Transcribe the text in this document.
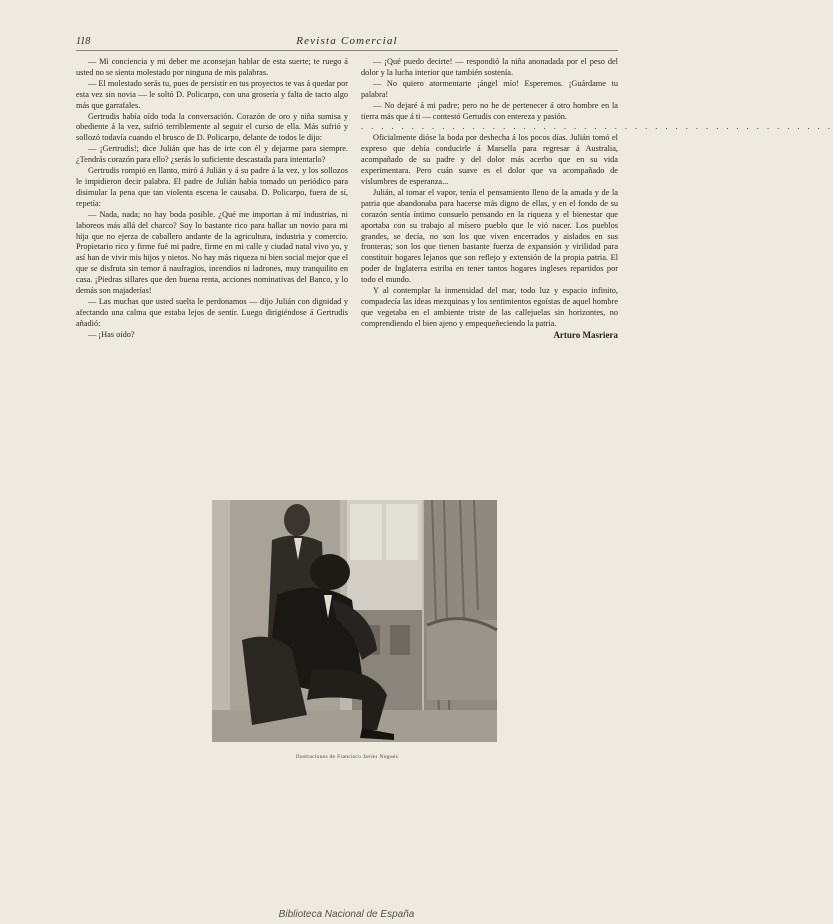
118	Revista Comercial

— Mi conciencia y mi deber me aconsejan hablar de esta suerte; te ruego á usted no se sienta molestado por ninguna de mis palabras.

— El molestado serás tu, pues de persistir en tus proyectos te vas á quedar por esta vez sin novia — le soltó D. Policarpo, con una grosería y falta de tacto algo más que garrafales.

Gertrudis había oído toda la conversación. Corazón de oro y niña sumisa y obediente á la vez, sufrió terriblemente al seguir el curso de ella. Más sufrió y sollozó todavía cuando el brusco de D. Policarpo, delante de todos le dijo:

— ¡Gertrudis!; dice Julián que has de irte con él y dejarme para siempre. ¿Tendrás corazón para ello? ¿serás lo suficiente descastada para intentarlo?

Gertrudis rompió en llanto, miró á Julián y á su padre á la vez, y los sollozos le impidieron decir palabra. El padre de Julián había tomado un periódico para disimular la pena que tan violenta escena le causaba. D. Policarpo, fuera de sí, repetía:

— Nada, nada; no hay boda posible. ¿Qué me importan á mí industrias, ni laboreos más allá del charco? Soy lo bastante rico para hallar un novio para mi hija que no ejerza de caballero andante de la agricultura, industria y comercio. Propietario rico y firme fué mi padre, firme en mi calle y ciudad natal vivo yo, y así han de vivir mis hijos y nietos. No hay más riqueza ni bien social mejor que el que se disfruta sin temor á naufragios, incendios ni ladrones, muy tranquilito en casa. ¡Piedras sillares que den buena renta, acciones nominativas del Banco, y lo demás son majaderías!

— Las muchas que usted suelta le perdonamos — dijo Julián con dignidad y afectando una calma que estaba lejos de sentir. Luego dirigiéndose á Gertrudis añadió:

— ¡Has oído?

— ¡Qué puedo decirte! — respondió la niña anonadada por el peso del dolor y la lucha interior que también sostenía.

— No quiero atormentarte ¡ángel mío! Esperemos. ¡Guárdame tu palabra!

— No dejaré á mi padre; pero no he de pertenecer á otro hombre en la tierra más que á ti — contestó Gertudis con entereza y pasión.

. . . . . . . . . . . . . . . . . . . . . . . . . . . . . . . . . . . . . . . . . . . . . . .

Oficialmente dióse la boda por deshecha á los pocos días. Julián tomó el expreso que debía conducirle á Marsella para regresar á Australia, acompañado de su padre y del dolor más acerbo que en su vida experimentara. Pero cuán suave es el dolor que va acompañado de vislumbres de esperanza...

Julián, al tomar el vapor, tenía el pensamiento lleno de la amada y de la patria que abandonaba para hacerse más digno de ellas, y en el fondo de su corazón sentía íntimo consuelo pensando en la riqueza y el bienestar que aportaba con su trabajo al mísero pueblo que le vió nacer. Los pueblos grandes, se decía, no son los que viven encerrados y aislados en sus fronteras; son los que tienen bastante fuerza de expansión y virilidad para constituir hogares lejanos que son reflejo y extensión de la propia patria. El poder de Inglaterra estriba en tener tantos hogares ingleses repartidos por todo el mundo.

Y al contemplar la inmensidad del mar, todo luz y espacio infinito, compadecía las ideas mezquinas y los sentimientos egoístas de aquel hombre que vegetaba en el ambiente triste de las callejuelas sin horizontes, no comprendiendo el bien ajeno y empequeñeciendo la patria.

Arturo Masriera

Ilustraciones de Francisco Javier Nogués
Biblioteca Nacional de España
